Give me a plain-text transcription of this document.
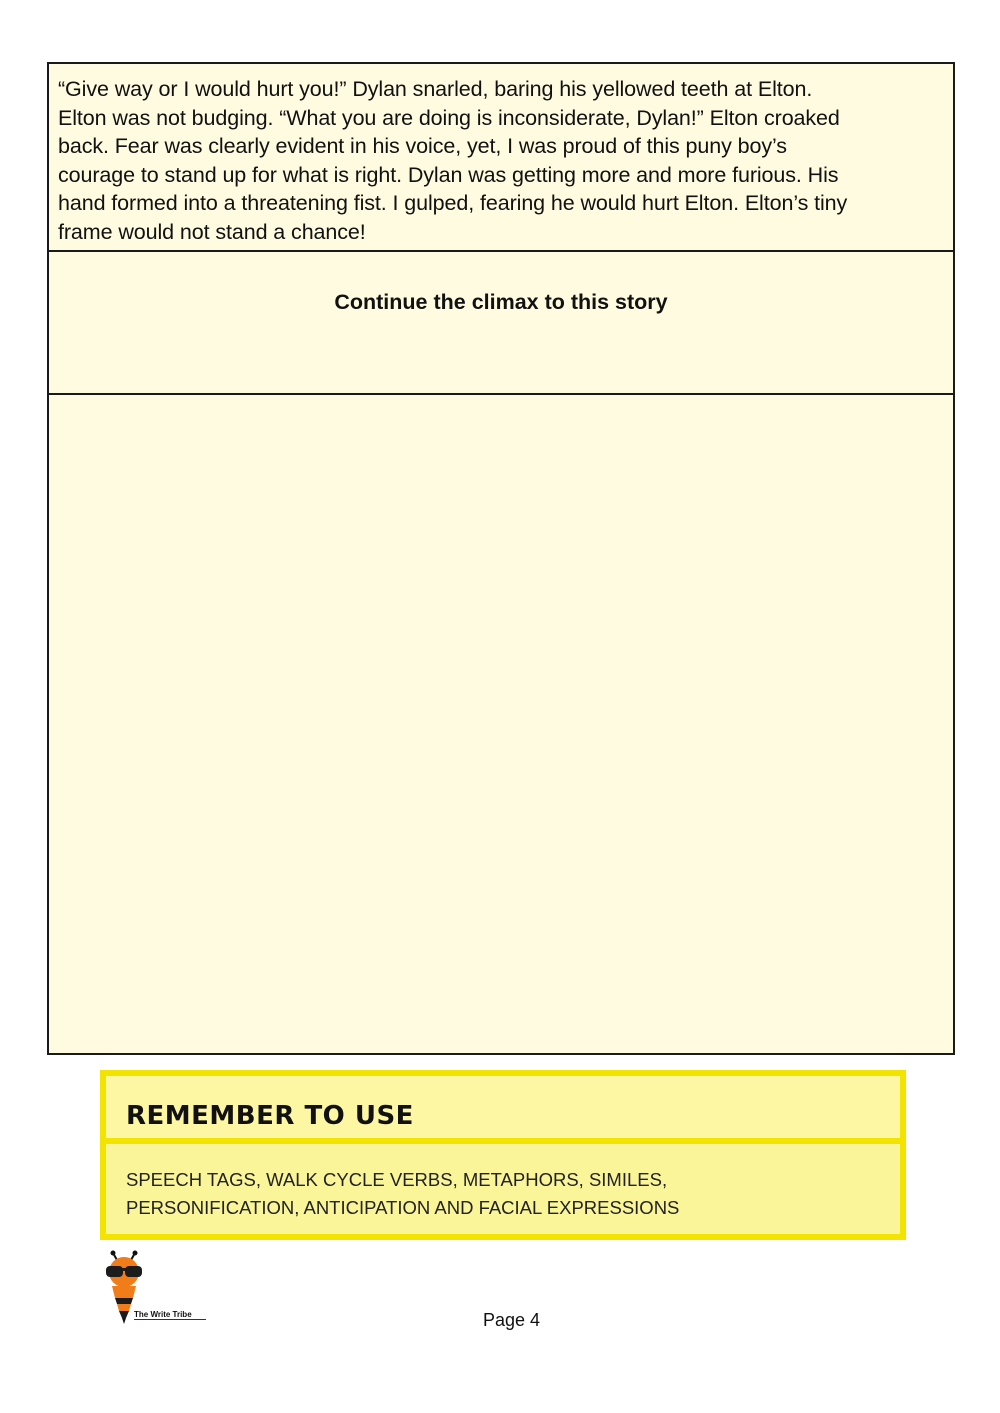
“Give way or I would hurt you!” Dylan snarled, baring his yellowed teeth at Elton.
Elton was not budging. “What you are doing is inconsiderate, Dylan!” Elton croaked
back. Fear was clearly evident in his voice, yet, I was proud of this puny boy’s
courage to stand up for what is right. Dylan was getting more and more furious. His
hand formed into a threatening fist. I gulped, fearing he would hurt Elton. Elton’s tiny
frame would not stand a chance!
Continue the climax to this story
REMEMBER TO USE
SPEECH TAGS, WALK CYCLE VERBS, METAPHORS, SIMILES,
PERSONIFICATION, ANTICIPATION AND FACIAL EXPRESSIONS
The Write Tribe	Page 4
